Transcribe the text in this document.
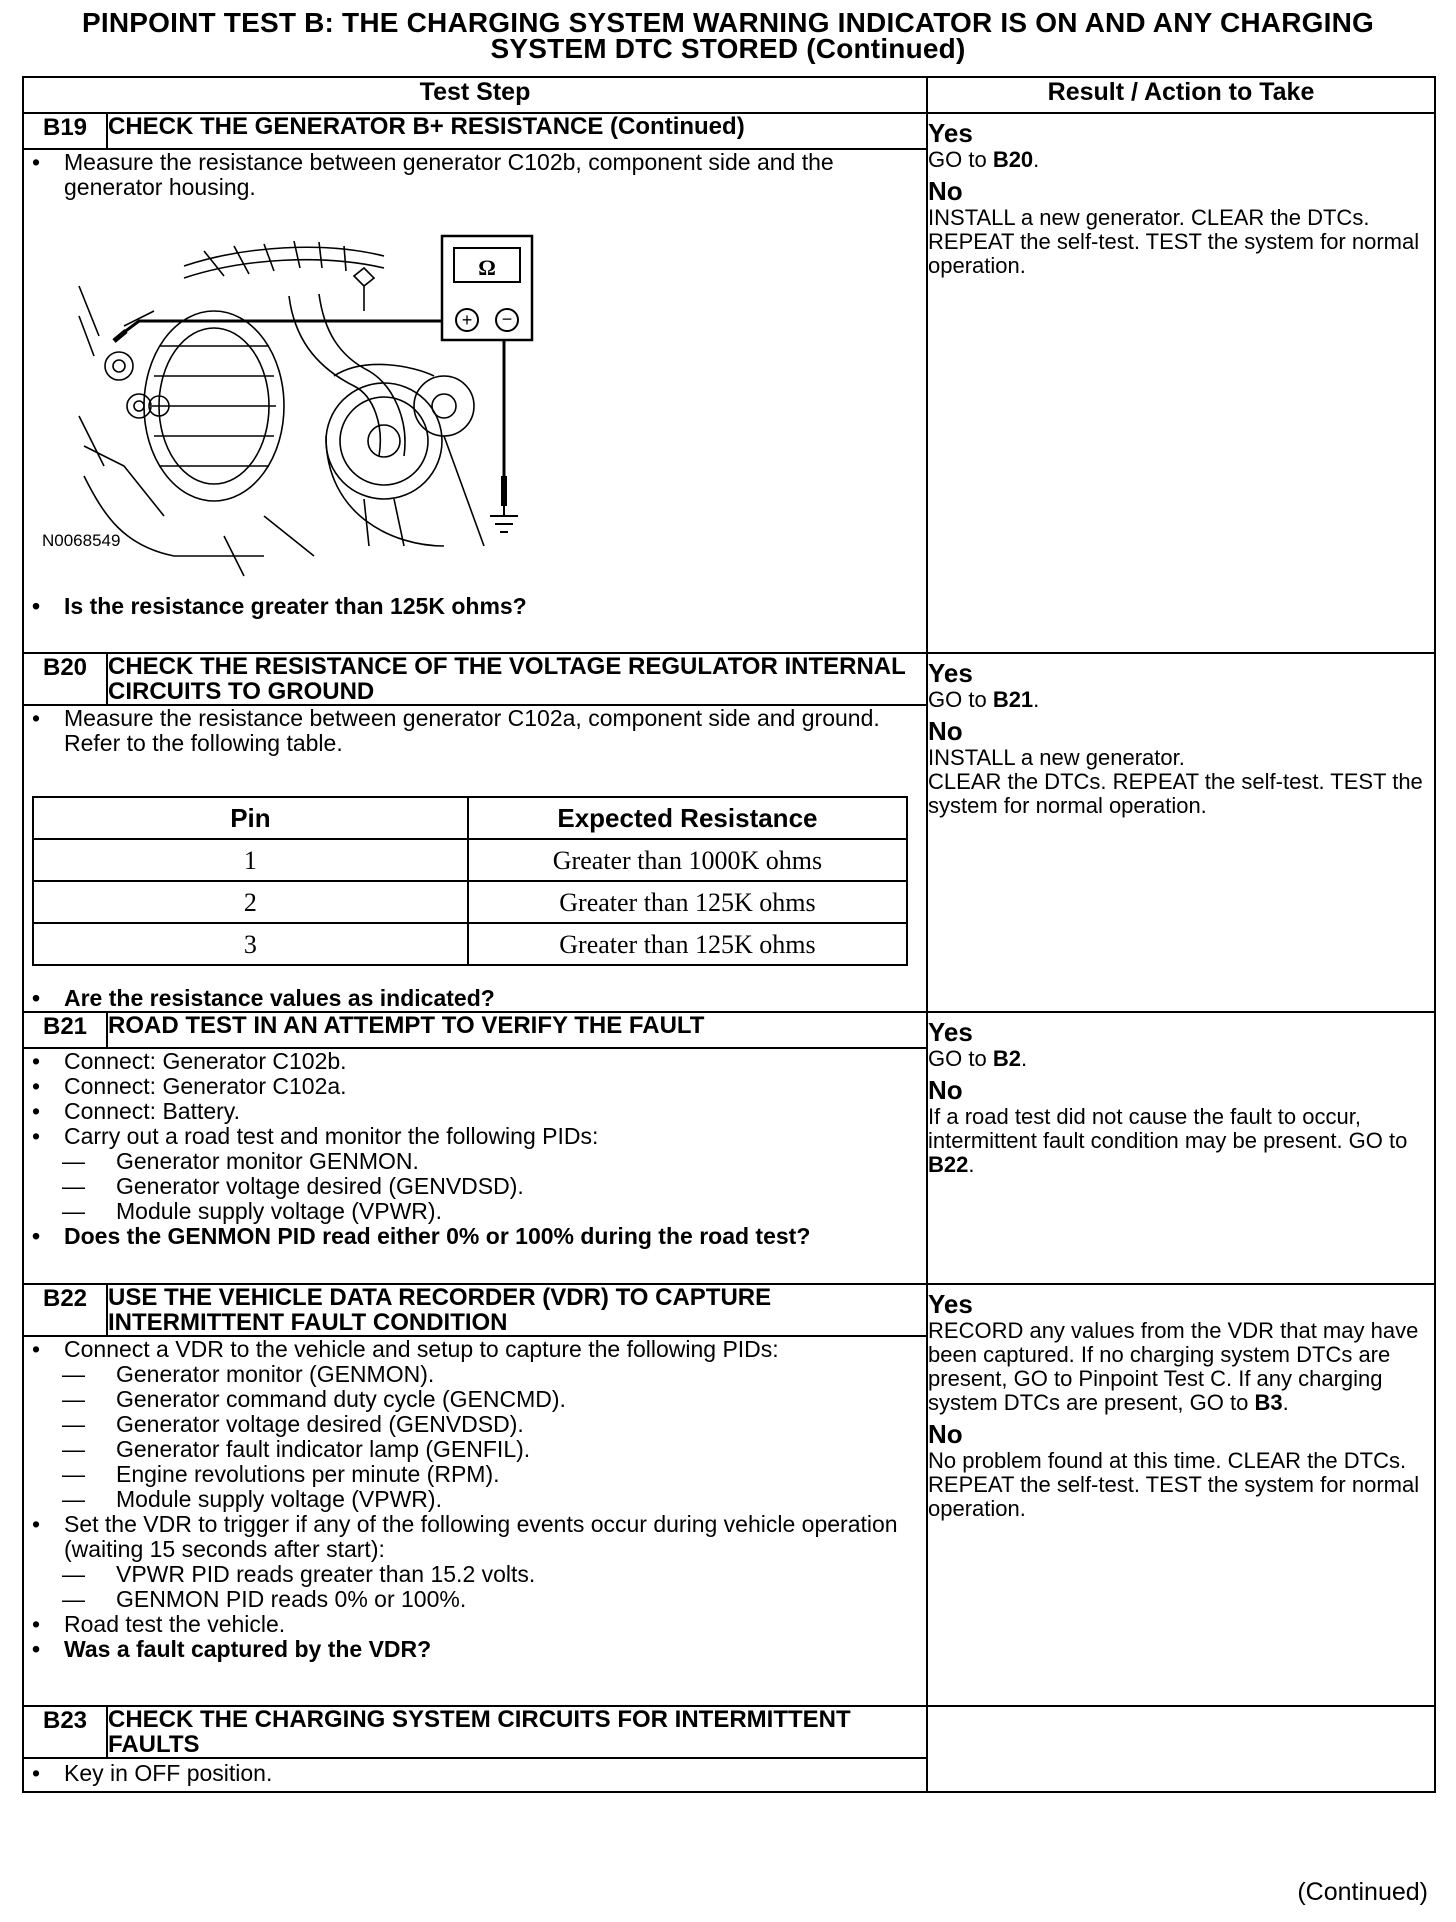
PINPOINT TEST B: THE CHARGING SYSTEM WARNING INDICATOR IS ON AND ANY CHARGING
SYSTEM DTC STORED (Continued)
Test Step	Result / Action to Take
B19	CHECK THE GENERATOR B+ RESISTANCE (Continued)	Yes
GO to B20.
No
INSTALL a new generator. CLEAR the DTCs. REPEAT the self-test. TEST the system for normal operation.

• Measure the resistance between generator C102b, component side and the generator housing.
+ −
Ω
N0068549
• Is the resistance greater than 125K ohms?

B20	CHECK THE RESISTANCE OF THE VOLTAGE REGULATOR INTERNAL CIRCUITS TO GROUND	
Yes
GO to B21.
No
INSTALL a new generator.
CLEAR the DTCs. REPEAT the self-test. TEST the system for normal operation.

• Measure the resistance between generator C102a, component side and ground. Refer to the following table.
Pin	Expected Resistance
1	Greater than 1000K ohms
2	Greater than 125K ohms
3	Greater than 125K ohms
• Are the resistance values as indicated?

B21	ROAD TEST IN AN ATTEMPT TO VERIFY THE FAULT	Yes
GO to B2.
No
If a road test did not cause the fault to occur, intermittent fault condition may be present. GO to B22.

• Connect: Generator C102b.
• Connect: Generator C102a.
• Connect: Battery.
• Carry out a road test and monitor the following PIDs:
— Generator monitor GENMON.
— Generator voltage desired (GENVDSD).
— Module supply voltage (VPWR).
• Does the GENMON PID read either 0% or 100% during the road test?

B22	USE THE VEHICLE DATA RECORDER (VDR) TO CAPTURE INTERMITTENT FAULT CONDITION	
Yes
RECORD any values from the VDR that may have been captured. If no charging system DTCs are present, GO to Pinpoint Test C. If any charging system DTCs are present, GO to B3.
No
No problem found at this time. CLEAR the DTCs. REPEAT the self-test. TEST the system for normal operation.

• Connect a VDR to the vehicle and setup to capture the following PIDs:
— Generator monitor (GENMON).
— Generator command duty cycle (GENCMD).
— Generator voltage desired (GENVDSD).
— Generator fault indicator lamp (GENFIL).
— Engine revolutions per minute (RPM).
— Module supply voltage (VPWR).
• Set the VDR to trigger if any of the following events occur during vehicle operation (waiting 15 seconds after start):
— VPWR PID reads greater than 15.2 volts.
— GENMON PID reads 0% or 100%.
• Road test the vehicle.
• Was a fault captured by the VDR?

B23	CHECK THE CHARGING SYSTEM CIRCUITS FOR INTERMITTENT FAULTS	

• Key in OFF position.
(Continued)
